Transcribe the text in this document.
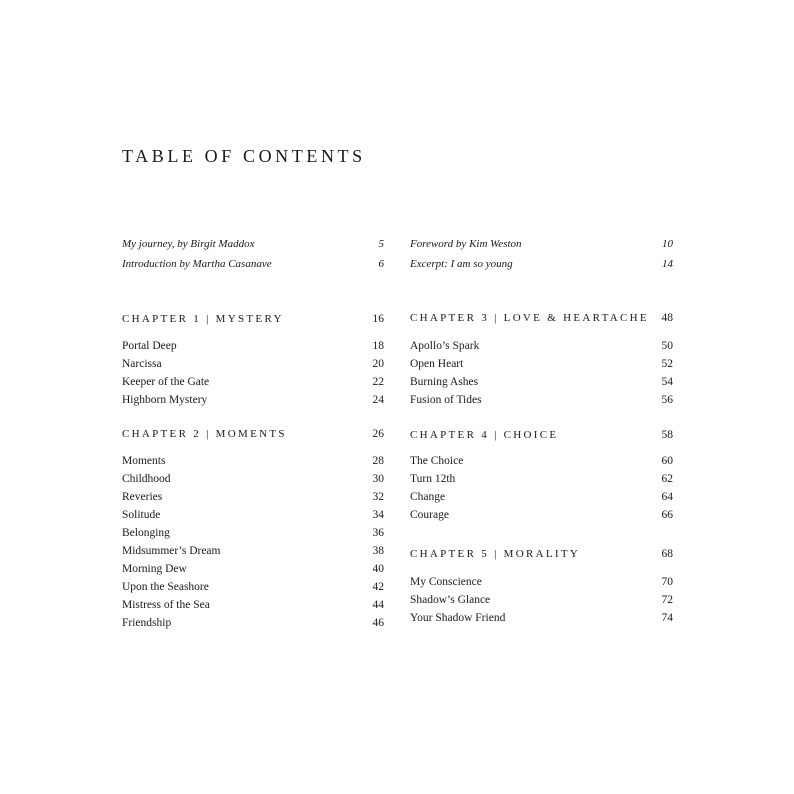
TABLE OF CONTENTS
My journey, by Birgit Maddox	5
Introduction by Martha Casanave	6
CHAPTER 1 | MYSTERY	16
Portal Deep	18
Narcissa	20
Keeper of the Gate	22
Highborn Mystery	24
CHAPTER 2 | MOMENTS	26
Moments	28
Childhood	30
Reveries	32
Solitude	34
Belonging	36
Midsummer’s Dream	38
Morning Dew	40
Upon the Seashore	42
Mistress of the Sea	44
Friendship	46
Foreword by Kim Weston	10
Excerpt: I am so young	14
CHAPTER 3 | LOVE & HEARTACHE 48
Apollo’s Spark	50
Open Heart	52
Burning Ashes	54
Fusion of Tides	56
CHAPTER 4 | CHOICE	58
The Choice	60
Turn 12th	62
Change	64
Courage	66
CHAPTER 5 | MORALITY	68
My Conscience	70
Shadow’s Glance	72
Your Shadow Friend	74
